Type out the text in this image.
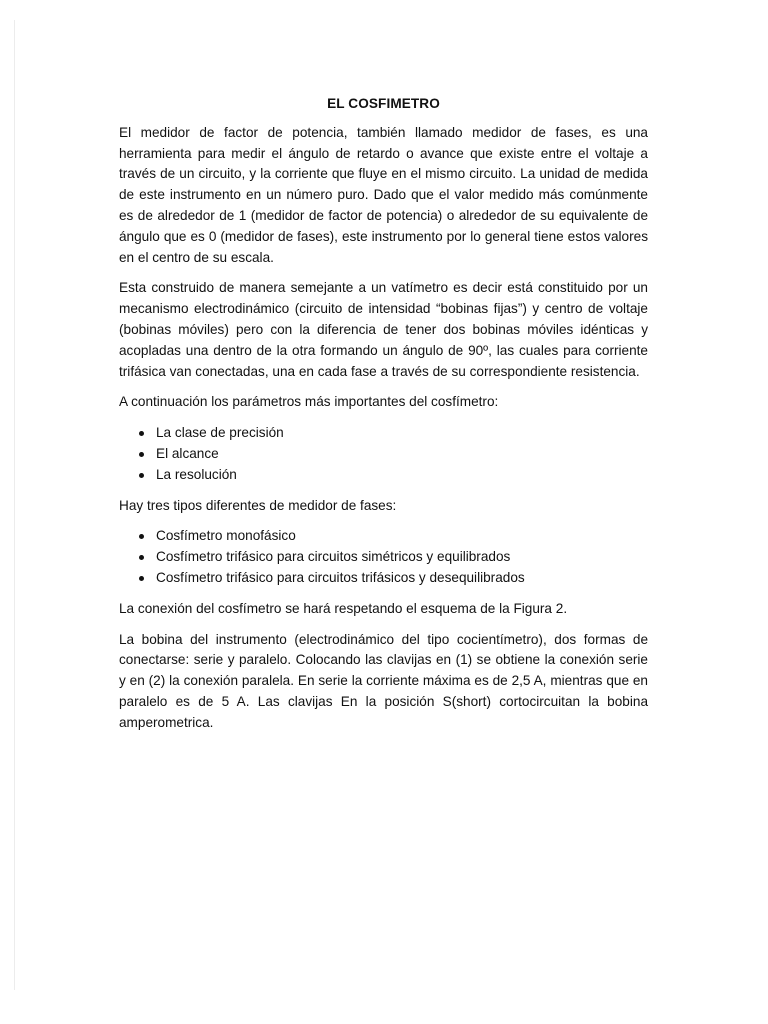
EL COSFIMETRO

El medidor de factor de potencia, también llamado medidor de fases, es una herramienta para medir el ángulo de retardo o avance que existe entre el voltaje a través de un circuito, y la corriente que fluye en el mismo circuito. La unidad de medida de este instrumento en un número puro. Dado que el valor medido más comúnmente es de alrededor de 1 (medidor de factor de potencia) o alrededor de su equivalente de ángulo que es 0 (medidor de fases), este instrumento por lo general tiene estos valores en el centro de su escala.

Esta construido de manera semejante a un vatímetro es decir está constituido por un mecanismo electrodinámico (circuito de intensidad “bobinas fijas”) y centro de voltaje (bobinas móviles) pero con la diferencia de tener dos bobinas móviles idénticas y acopladas una dentro de la otra formando un ángulo de 90º, las cuales para corriente trifásica van conectadas, una en cada fase a través de su correspondiente resistencia.

A continuación los parámetros más importantes del cosfímetro:

La clase de precisión
El alcance
La resolución

Hay tres tipos diferentes de medidor de fases:

Cosfímetro monofásico
Cosfímetro trifásico para circuitos simétricos y equilibrados
Cosfímetro trifásico para circuitos trifásicos y desequilibrados

La conexión del cosfímetro se hará respetando el esquema de la Figura 2.

La bobina del instrumento (electrodinámico del tipo cocientímetro), dos formas de conectarse: serie y paralelo. Colocando las clavijas en (1) se obtiene la conexión serie y en (2) la conexión paralela. En serie la corriente máxima es de 2,5 A, mientras que en paralelo es de 5 A. Las clavijas En la posición S(short) cortocircuitan la bobina amperometrica.
